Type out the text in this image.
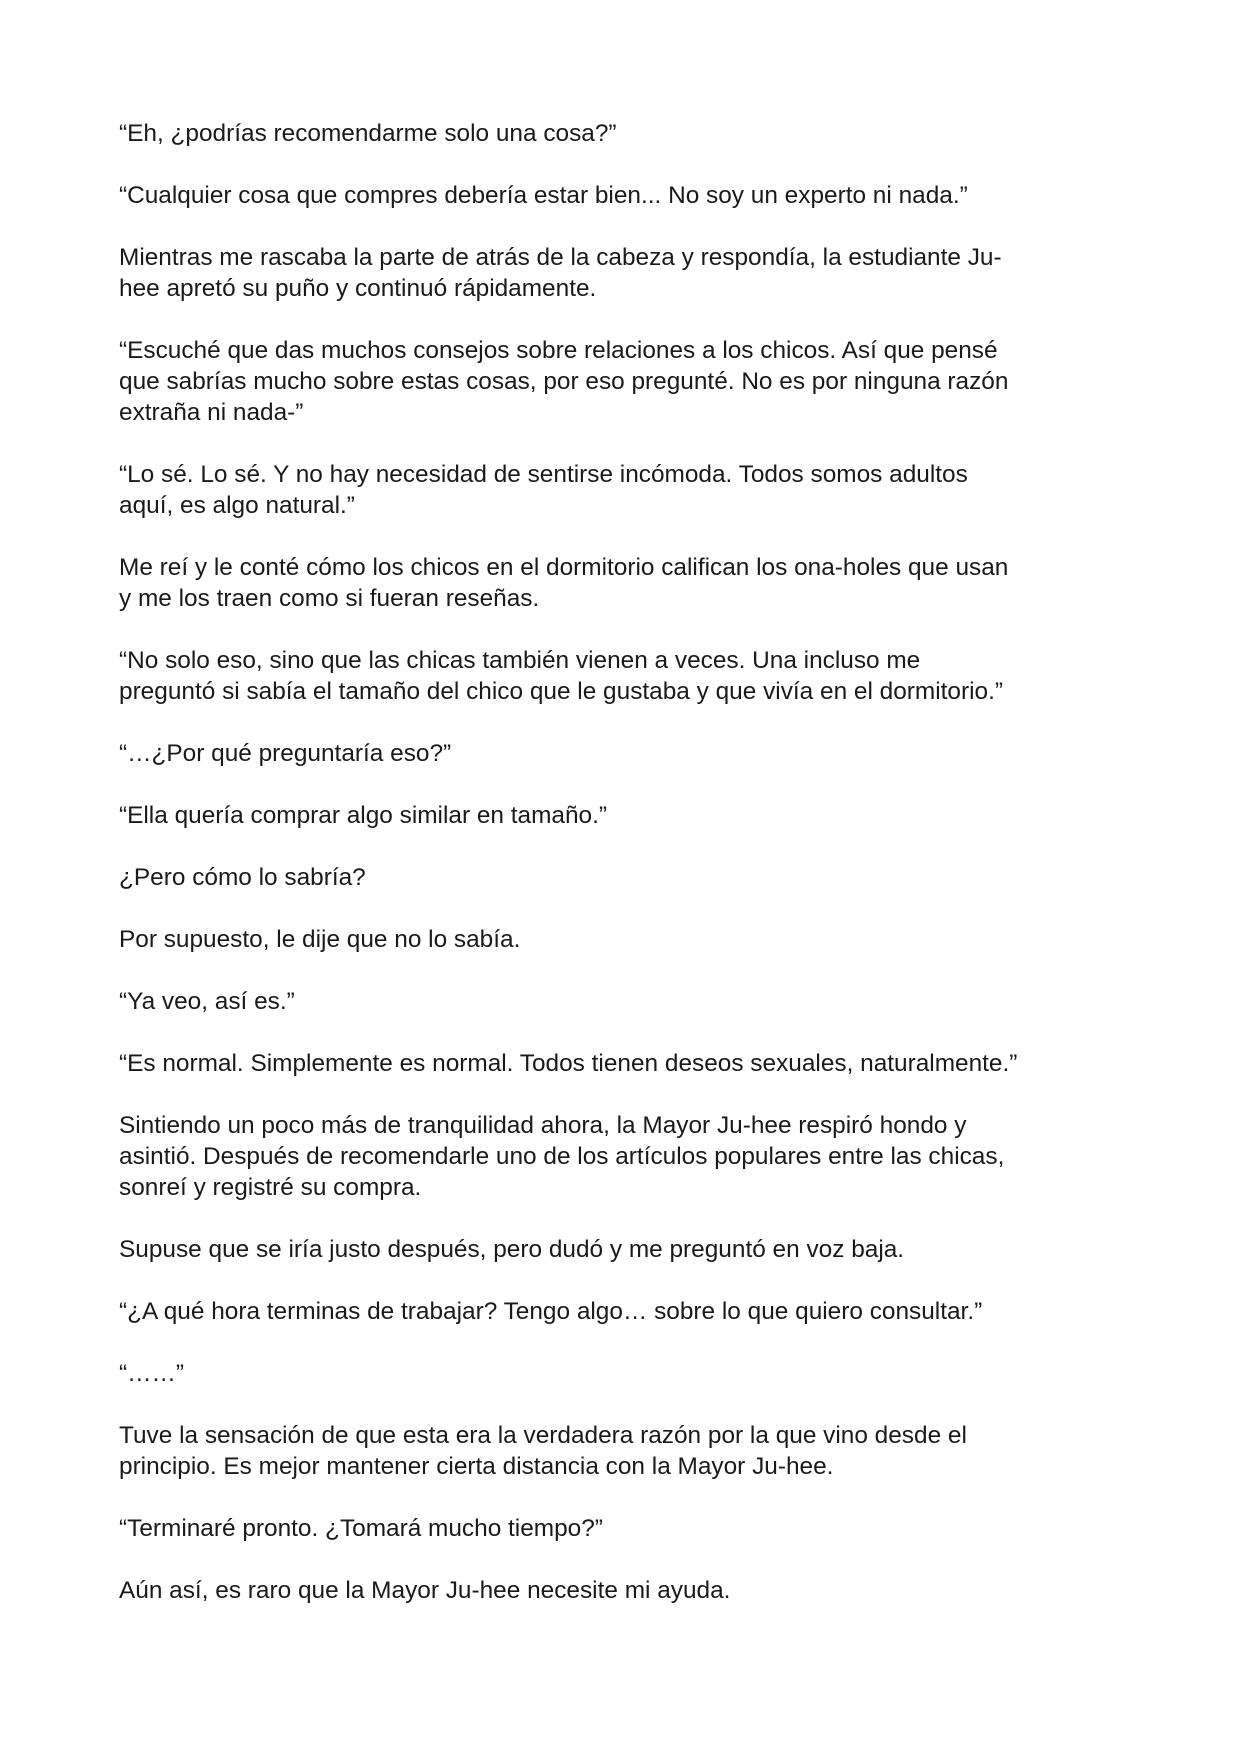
“Eh, ¿podrías recomendarme solo una cosa?”

“Cualquier cosa que compres debería estar bien... No soy un experto ni nada.”

Mientras me rascaba la parte de atrás de la cabeza y respondía, la estudiante Ju-
hee apretó su puño y continuó rápidamente.

“Escuché que das muchos consejos sobre relaciones a los chicos. Así que pensé
que sabrías mucho sobre estas cosas, por eso pregunté. No es por ninguna razón
extraña ni nada-”

“Lo sé. Lo sé. Y no hay necesidad de sentirse incómoda. Todos somos adultos
aquí, es algo natural.”

Me reí y le conté cómo los chicos en el dormitorio califican los ona-holes que usan
y me los traen como si fueran reseñas.

“No solo eso, sino que las chicas también vienen a veces. Una incluso me
preguntó si sabía el tamaño del chico que le gustaba y que vivía en el dormitorio.”

“…¿Por qué preguntaría eso?”

“Ella quería comprar algo similar en tamaño.”

¿Pero cómo lo sabría?

Por supuesto, le dije que no lo sabía.

“Ya veo, así es.”

“Es normal. Simplemente es normal. Todos tienen deseos sexuales, naturalmente.”

Sintiendo un poco más de tranquilidad ahora, la Mayor Ju-hee respiró hondo y
asintió. Después de recomendarle uno de los artículos populares entre las chicas,
sonreí y registré su compra.

Supuse que se iría justo después, pero dudó y me preguntó en voz baja.

“¿A qué hora terminas de trabajar? Tengo algo… sobre lo que quiero consultar.”

“……”

Tuve la sensación de que esta era la verdadera razón por la que vino desde el
principio. Es mejor mantener cierta distancia con la Mayor Ju-hee.

“Terminaré pronto. ¿Tomará mucho tiempo?”

Aún así, es raro que la Mayor Ju-hee necesite mi ayuda.
